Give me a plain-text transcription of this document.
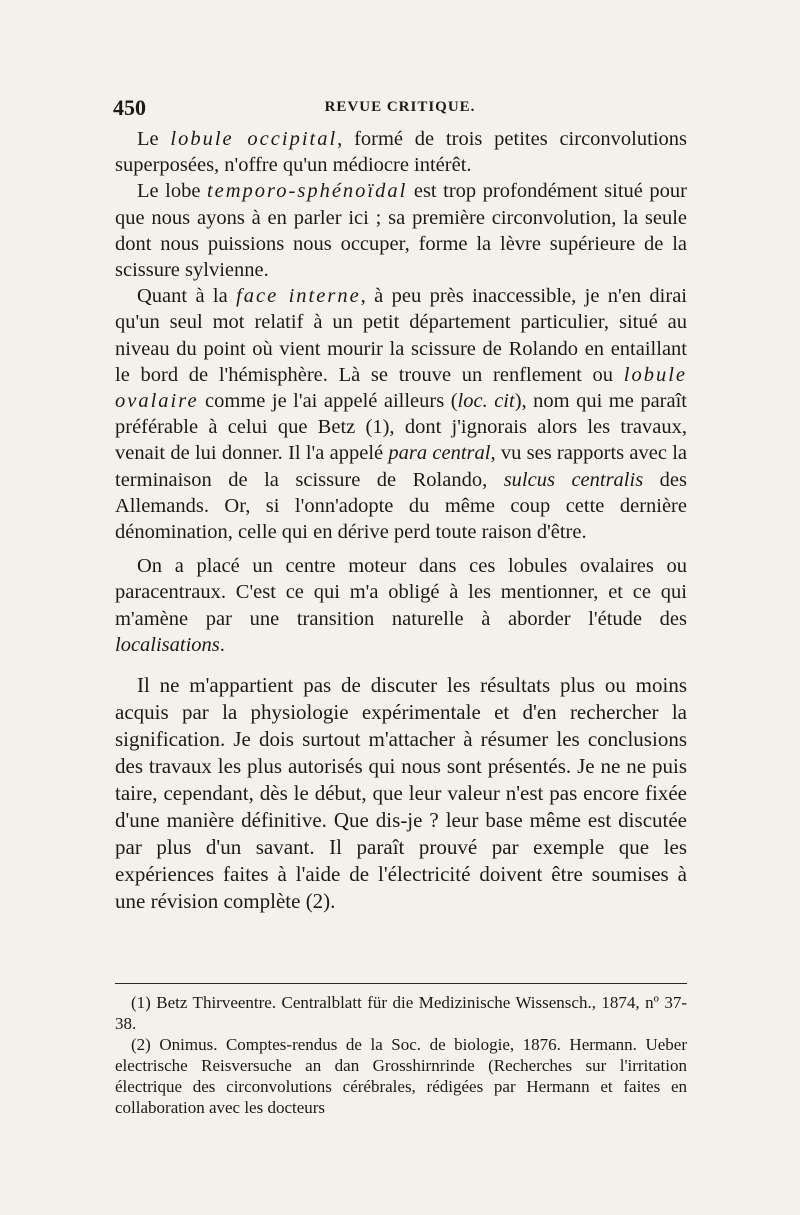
450	REVUE CRITIQUE.

Le lobule occipital, formé de trois petites circonvolutions superposées, n'offre qu'un médiocre intérêt.

Le lobe temporo-sphénoïdal est trop profondément situé pour que nous ayons à en parler ici ; sa première circonvolution, la seule dont nous puissions nous occuper, forme la lèvre supérieure de la scissure sylvienne.

Quant à la face interne, à peu près inaccessible, je n'en dirai qu'un seul mot relatif à un petit département particulier, situé au niveau du point où vient mourir la scissure de Rolando en entaillant le bord de l'hémisphère. Là se trouve un renflement ou lobule ovalaire comme je l'ai appelé ailleurs (loc. cit), nom qui me paraît préférable à celui que Betz (1), dont j'ignorais alors les travaux, venait de lui donner. Il l'a appelé para central, vu ses rapports avec la terminaison de la scissure de Rolando, sulcus centralis des Allemands. Or, si l'onn'adopte du même coup cette dernière dénomination, celle qui en dérive perd toute raison d'être.

On a placé un centre moteur dans ces lobules ovalaires ou paracentraux. C'est ce qui m'a obligé à les mentionner, et ce qui m'amène par une transition naturelle à aborder l'étude des localisations.

Il ne m'appartient pas de discuter les résultats plus ou moins acquis par la physiologie expérimentale et d'en rechercher la signification. Je dois surtout m'attacher à résumer les conclusions des travaux les plus autorisés qui nous sont présentés. Je ne ne puis taire, cependant, dès le début, que leur valeur n'est pas encore fixée d'une manière définitive. Que dis-je ? leur base même est discutée par plus d'un savant. Il paraît prouvé par exemple que les expériences faites à l'aide de l'électricité doivent être soumises à une révision complète (2).

(1) Betz Thirveentre. Centralblatt für die Medizinische Wissensch., 1874, nº 37-38.

(2) Onimus. Comptes-rendus de la Soc. de biologie, 1876. Hermann. Ueber electrische Reisversuche an dan Grosshirnrinde (Recherches sur l'irritation électrique des circonvolutions cérébrales, rédigées par Hermann et faites en collaboration avec les docteurs
